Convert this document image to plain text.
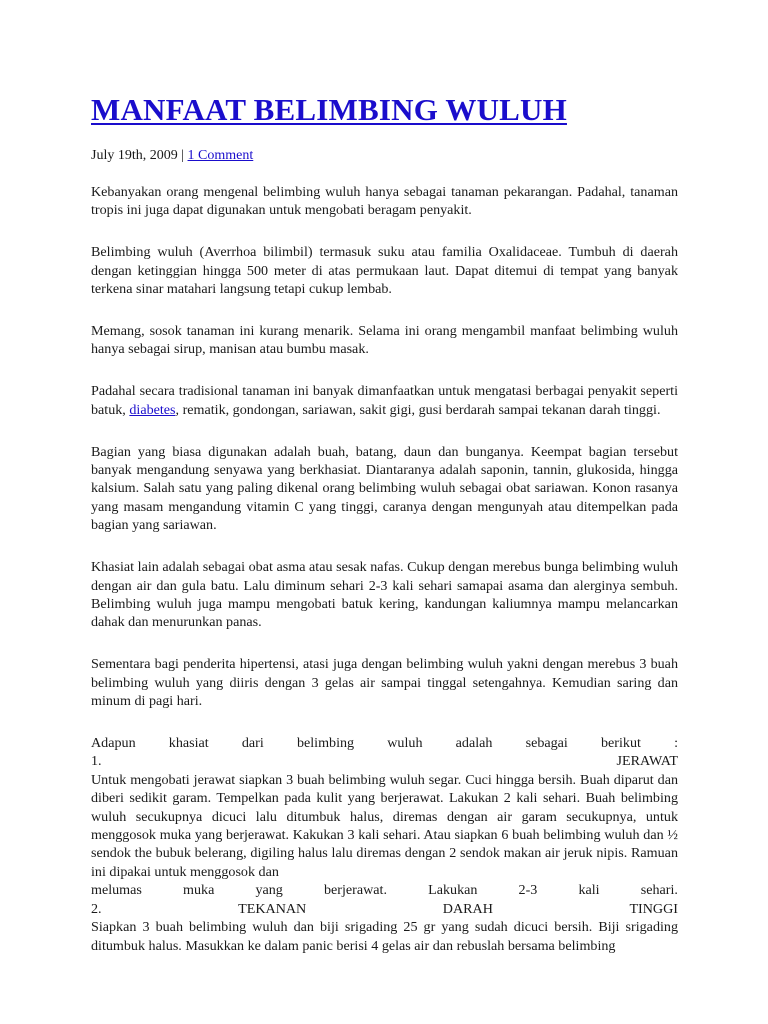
MANFAAT BELIMBING WULUH
July 19th, 2009 | 1 Comment

Kebanyakan orang mengenal belimbing wuluh hanya sebagai tanaman pekarangan. Padahal, tanaman tropis ini juga dapat digunakan untuk mengobati beragam penyakit.

Belimbing wuluh (Averrhoa bilimbil) termasuk suku atau familia Oxalidaceae. Tumbuh di daerah dengan ketinggian hingga 500 meter di atas permukaan laut. Dapat ditemui di tempat yang banyak terkena sinar matahari langsung tetapi cukup lembab.

Memang, sosok tanaman ini kurang menarik. Selama ini orang mengambil manfaat belimbing wuluh hanya sebagai sirup, manisan atau bumbu masak.

Padahal secara tradisional tanaman ini banyak dimanfaatkan untuk mengatasi berbagai penyakit seperti batuk, diabetes, rematik, gondongan, sariawan, sakit gigi, gusi berdarah sampai tekanan darah tinggi.

Bagian yang biasa digunakan adalah buah, batang, daun dan bunganya. Keempat bagian tersebut banyak mengandung senyawa yang berkhasiat. Diantaranya adalah saponin, tannin, glukosida, hingga kalsium. Salah satu yang paling dikenal orang belimbing wuluh sebagai obat sariawan. Konon rasanya yang masam mengandung vitamin C yang tinggi, caranya dengan mengunyah atau ditempelkan pada bagian yang sariawan.

Khasiat lain adalah sebagai obat asma atau sesak nafas. Cukup dengan merebus bunga belimbing wuluh dengan air dan gula batu. Lalu diminum sehari 2-3 kali sehari samapai asama dan alerginya sembuh. Belimbing wuluh juga mampu mengobati batuk kering, kandungan kaliumnya mampu melancarkan dahak dan menurunkan panas.

Sementara bagi penderita hipertensi, atasi juga dengan belimbing wuluh yakni dengan merebus 3 buah belimbing wuluh yang diiris dengan 3 gelas air sampai tinggal setengahnya. Kemudian saring dan minum di pagi hari.

Adapun khasiat dari belimbing wuluh adalah sebagai berikut :
1.	JERAWAT
Untuk mengobati jerawat siapkan 3 buah belimbing wuluh segar. Cuci hingga bersih. Buah diparut dan diberi sedikit garam. Tempelkan pada kulit yang berjerawat. Lakukan 2 kali sehari. Buah belimbing wuluh secukupnya dicuci lalu ditumbuk halus, diremas dengan air garam secukupnya, untuk menggosok muka yang berjerawat. Kakukan 3 kali sehari. Atau siapkan 6 buah belimbing wuluh dan ½ sendok the bubuk belerang, digiling halus lalu diremas dengan 2 sendok makan air jeruk nipis. Ramuan ini dipakai untuk menggosok dan
melumas	muka	yang	berjerawat.	Lakukan	2-3	kali	sehari.
2.	TEKANAN	DARAH	TINGGI
Siapkan 3 buah belimbing wuluh dan biji srigading 25 gr yang sudah dicuci bersih. Biji srigading ditumbuk halus. Masukkan ke dalam panic berisi 4 gelas air dan rebuslah bersama belimbing
